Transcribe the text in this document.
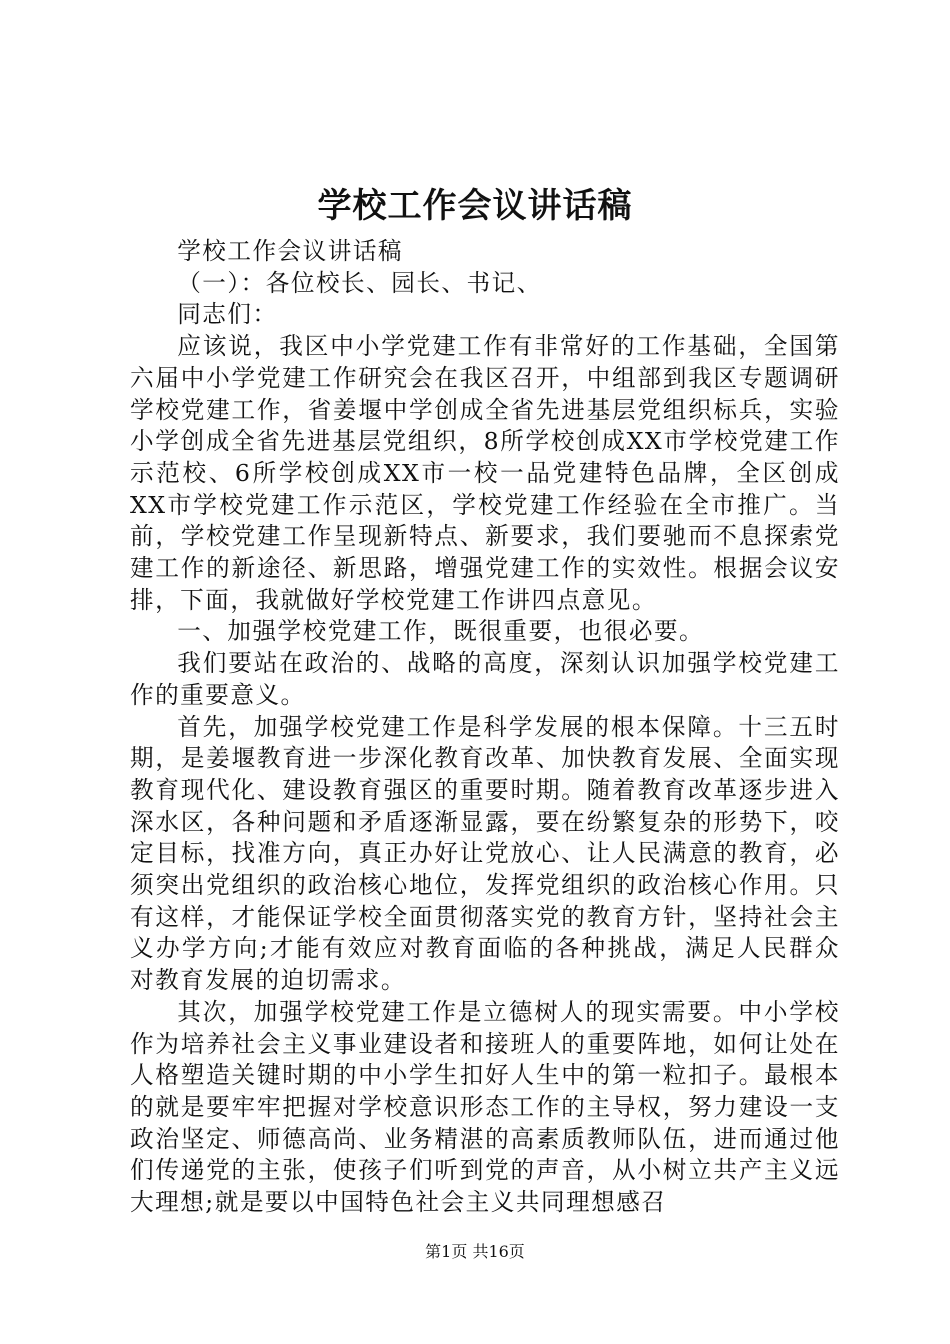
学校工作会议讲话稿

学校工作会议讲话稿

（一）：各位校长、园长、书记、

同志们：

应该说，我区中小学党建工作有非常好的工作基础，全国第六届中小学党建工作研究会在我区召开，中组部到我区专题调研学校党建工作，省姜堰中学创成全省先进基层党组织标兵，实验小学创成全省先进基层党组织，8所学校创成XX市学校党建工作示范校、6所学校创成XX市一校一品党建特色品牌，全区创成XX市学校党建工作示范区，学校党建工作经验在全市推广。当前，学校党建工作呈现新特点、新要求，我们要驰而不息探索党建工作的新途径、新思路，增强党建工作的实效性。根据会议安排，下面，我就做好学校党建工作讲四点意见。

一、加强学校党建工作，既很重要，也很必要。

我们要站在政治的、战略的高度，深刻认识加强学校党建工作的重要意义。

首先，加强学校党建工作是科学发展的根本保障。十三五时期，是姜堰教育进一步深化教育改革、加快教育发展、全面实现教育现代化、建设教育强区的重要时期。随着教育改革逐步进入深水区，各种问题和矛盾逐渐显露，要在纷繁复杂的形势下，咬定目标，找准方向，真正办好让党放心、让人民满意的教育，必须突出党组织的政治核心地位，发挥党组织的政治核心作用。只有这样，才能保证学校全面贯彻落实党的教育方针，坚持社会主义办学方向;才能有效应对教育面临的各种挑战，满足人民群众对教育发展的迫切需求。

其次，加强学校党建工作是立德树人的现实需要。中小学校作为培养社会主义事业建设者和接班人的重要阵地，如何让处在人格塑造关键时期的中小学生扣好人生中的第一粒扣子。最根本的就是要牢牢把握对学校意识形态工作的主导权，努力建设一支政治坚定、师德高尚、业务精湛的高素质教师队伍，进而通过他们传递党的主张，使孩子们听到党的声音，从小树立共产主义远大理想;就是要以中国特色社会主义共同理想感召

第1页 共16页
